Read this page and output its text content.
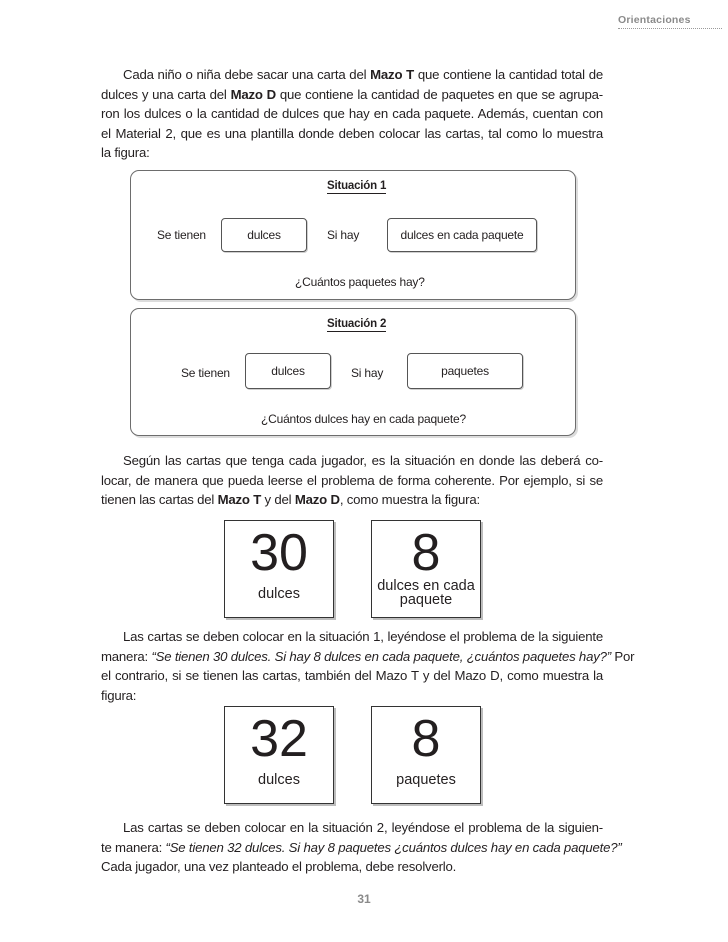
Orientaciones
Cada niño o niña debe sacar una carta del Mazo T que contiene la cantidad total de
dulces y una carta del Mazo D que contiene la cantidad de paquetes en que se agrupa-
ron los dulces o la cantidad de dulces que hay en cada paquete. Además, cuentan con
el Material 2, que es una plantilla donde deben colocar las cartas, tal como lo muestra
la figura:
Situación 1
Se tienen	dulces	Si hay	dulces en cada paquete
¿Cuántos paquetes hay?
Situación 2
Se tienen	dulces	Si hay	paquetes
¿Cuántos dulces hay en cada paquete?
Según las cartas que tenga cada jugador, es la situación en donde las deberá co-
locar, de manera que pueda leerse el problema de forma coherente. Por ejemplo, si se
tienen las cartas del Mazo T y del Mazo D, como muestra la figura:
30
dulces
8
dulces en cada
paquete
Las cartas se deben colocar en la situación 1, leyéndose el problema de la siguiente
manera: “Se tienen 30 dulces. Si hay 8 dulces en cada paquete, ¿cuántos paquetes hay?” Por
el contrario, si se tienen las cartas, también del Mazo T y del Mazo D, como muestra la
figura:
32
dulces
8
paquetes
Las cartas se deben colocar en la situación 2, leyéndose el problema de la siguien-
te manera: “Se tienen 32 dulces. Si hay 8 paquetes ¿cuántos dulces hay en cada paquete?”
Cada jugador, una vez planteado el problema, debe resolverlo.
31
